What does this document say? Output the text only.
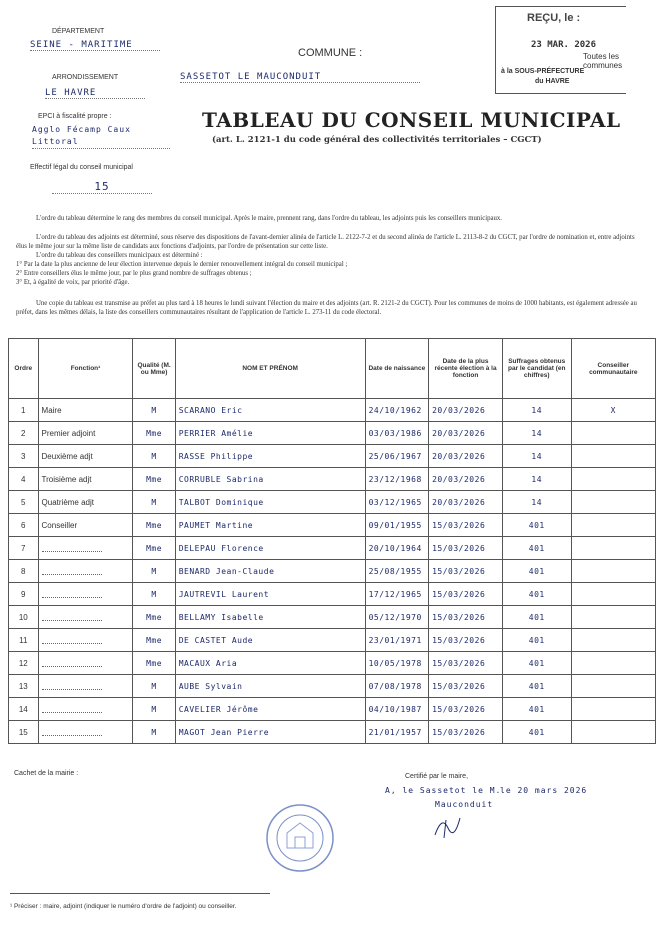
DÉPARTEMENT
SEINE - MARITIME
ARRONDISSEMENT
LE HAVRE
EPCI à fiscalité propre :
Agglo Fécamp Caux Littoral
Effectif légal du conseil municipal
15
COMMUNE :
SASSETOT LE MAUCONDUIT
REÇU, le :
23 MAR. 2026
Toutes les communes
à la SOUS-PRÉFECTURE
du HAVRE
TABLEAU DU CONSEIL MUNICIPAL
(art. L. 2121-1 du code général des collectivités territoriales – CGCT)
L'ordre du tableau détermine le rang des membres du conseil municipal. Après le maire, prennent rang, dans l'ordre du tableau, les adjoints puis les conseillers municipaux.
L'ordre du tableau des adjoints est déterminé, sous réserve des dispositions de l'avant-dernier alinéa de l'article L. 2122-7-2 et du second alinéa de l'article L. 2113-8-2 du CGCT, par l'ordre de nomination et, entre adjoints élus le même jour sur la même liste de candidats aux fonctions d'adjoints, par l'ordre de présentation sur cette liste.
L'ordre du tableau des conseillers municipaux est déterminé :
1° Par la date la plus ancienne de leur élection intervenue depuis le dernier renouvellement intégral du conseil municipal ;
2° Entre conseillers élus le même jour, par le plus grand nombre de suffrages obtenus ;
3° Et, à égalité de voix, par priorité d'âge.
Une copie du tableau est transmise au préfet au plus tard à 18 heures le lundi suivant l'élection du maire et des adjoints (art. R. 2121-2 du CGCT). Pour les communes de moins de 1000 habitants, est également adressée au préfet, dans les mêmes délais, la liste des conseillers communautaires résultant de l'application de l'article L. 273-11 du code électoral.
Ordre	Fonction¹	Qualité (M. ou Mme)	NOM ET PRÉNOM	Date de naissance	Date de la plus récente élection à la fonction	Suffrages obtenus par le candidat (en chiffres)	Conseiller communautaire
1	Maire	M	SCARANO Eric	24/10/1962	20/03/2026	14	X
2	Premier adjoint	Mme	PERRIER Amélie	03/03/1986	20/03/2026	14	
3	Deuxième adjt	M	RASSE Philippe	25/06/1967	20/03/2026	14	
4	Troisième adjt	Mme	CORRUBLE Sabrina	23/12/1968	20/03/2026	14	
5	Quatrième adjt	M	TALBOT Dominique	03/12/1965	20/03/2026	14	
6	Conseiller	Mme	PAUMET Martine	09/01/1955	15/03/2026	401	
7		Mme	DELEPAU Florence	20/10/1964	15/03/2026	401	
8		M	BENARD Jean-Claude	25/08/1955	15/03/2026	401	
9		M	JAUTREVIL Laurent	17/12/1965	15/03/2026	401	
10		Mme	BELLAMY Isabelle	05/12/1970	15/03/2026	401	
11		Mme	DE CASTET Aude	23/01/1971	15/03/2026	401	
12		Mme	MACAUX Aria	10/05/1978	15/03/2026	401	
13		M	AUBE Sylvain	07/08/1978	15/03/2026	401	
14		M	CAVELIER Jérôme	04/10/1987	15/03/2026	401	
15		M	MAGOT Jean Pierre	21/01/1957	15/03/2026	401	
Cachet de la mairie :	Certifié par le maire,
A, le Sassetot le M.
le 20 mars 2026
Mauconduit
¹ Préciser : maire, adjoint (indiquer le numéro d'ordre de l'adjoint) ou conseiller.
